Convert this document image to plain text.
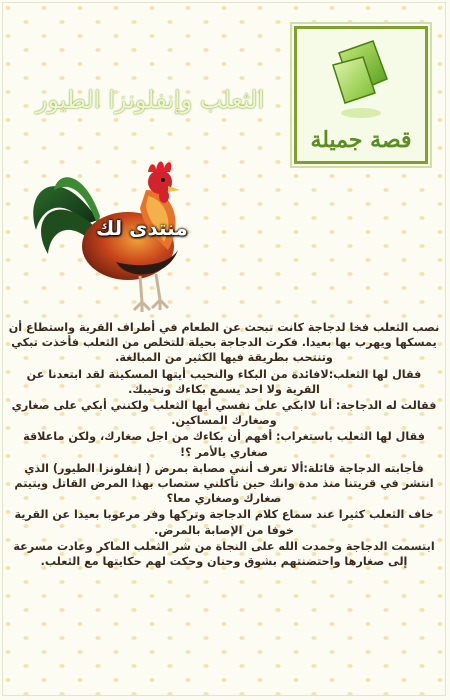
قصة جميلة
الثعلب وإنفلونزا الطيور
منتدى لك

نصب الثعلب فخا لدجاجة كانت تبحث عن الطعام في أطراف القرية واستطاع أن يمسكها ويهرب بها بعيدا. فكرت الدجاجة بحيلة للتخلص من الثعلب فأخذت تبكي وتنتحب بطريقة فيها الكثير من المبالغة.

فقال لها الثعلب:لافائدة من البكاء والنحيب أيتها المسكينة لقد ابتعدنا عن القرية ولا احد يسمع بكاءك ونحيبك.

فقالت له الدجاجة: أنا لاابكي على نفسي أيها الثعلب ولكنني أبكي على صغاري وصغارك المساكين.

فقال لها الثعلب باستغراب: أفهم أن بكاءك من اجل صغارك، ولكن ماعلاقة صغاري بالأمر ؟!

فأجابته الدجاجة قائلة:ألا تعرف أنني مصابة بمرض ( إنفلونزا الطيور) الذي انتشر في قريتنا منذ مدة وانك حين تأكلني ستصاب بهذا المرض القاتل ويتيتم صغارك وصغاري معا؟

خاف الثعلب كثيرا عند سماع كلام الدجاجة وتركها وفر مرعوبا بعيدا عن القرية خوفا من الإصابة بالمرض.

ابتسمت الدجاجة وحمدت الله على النجاة من شر الثعلب الماكر وعادت مسرعة إلى صغارها واحتضنتهم بشوق وحنان وحكت لهم حكايتها مع الثعلب.
